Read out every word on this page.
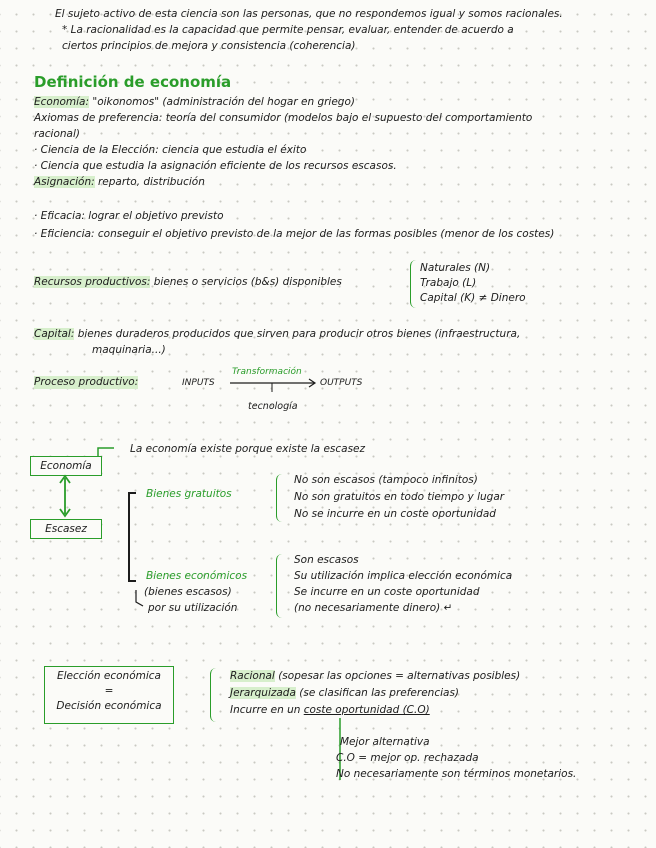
El sujeto activo de esta ciencia son las personas, que no respondemos igual y somos racionales.
* La racionalidad es la capacidad que permite pensar, evaluar, entender de acuerdo a
ciertos principios de mejora y consistencia (coherencia)
Definición de economía
Economía: "oikonomos" (administración del hogar en griego)
Axiomas de preferencia: teoría del consumidor (modelos bajo el supuesto del comportamiento
racional)
· Ciencia de la Elección: ciencia que estudia el éxito
· Ciencia que estudia la asignación eficiente de los recursos escasos.
Asignación: reparto, distribución
· Eficacia: lograr el objetivo previsto
· Eficiencia: conseguir el objetivo previsto de la mejor de las formas posibles (menor de los costes)
Recursos productivos: bienes o servicios (b&s) disponibles
Naturales (N)
Trabajo (L)
Capital (K) ≠ Dinero
Capital: bienes duraderos producidos que sirven para producir otros bienes (infraestructura,
maquinaria...)
Proceso productivo:	INPUTS
Transformación
OUTPUTS
tecnología
La economía existe porque existe la escasez
Economía
Escasez
Bienes gratuitos
No son escasos (tampoco infinitos)
No son gratuitos en todo tiempo y lugar
No se incurre en un coste oportunidad
Bienes económicos
(bienes escasos)
por su utilización
Son escasos
Su utilización implica elección económica
Se incurre en un coste oportunidad
(no necesariamente dinero) ↵
Elección económica
=
Decisión económica
Racional (sopesar las opciones = alternativas posibles)
Jerarquizada (se clasifican las preferencias)
Incurre en un coste oportunidad (C.O)
Mejor alternativa
C.O = mejor op. rechazada
No necesariamente son términos monetarios.
